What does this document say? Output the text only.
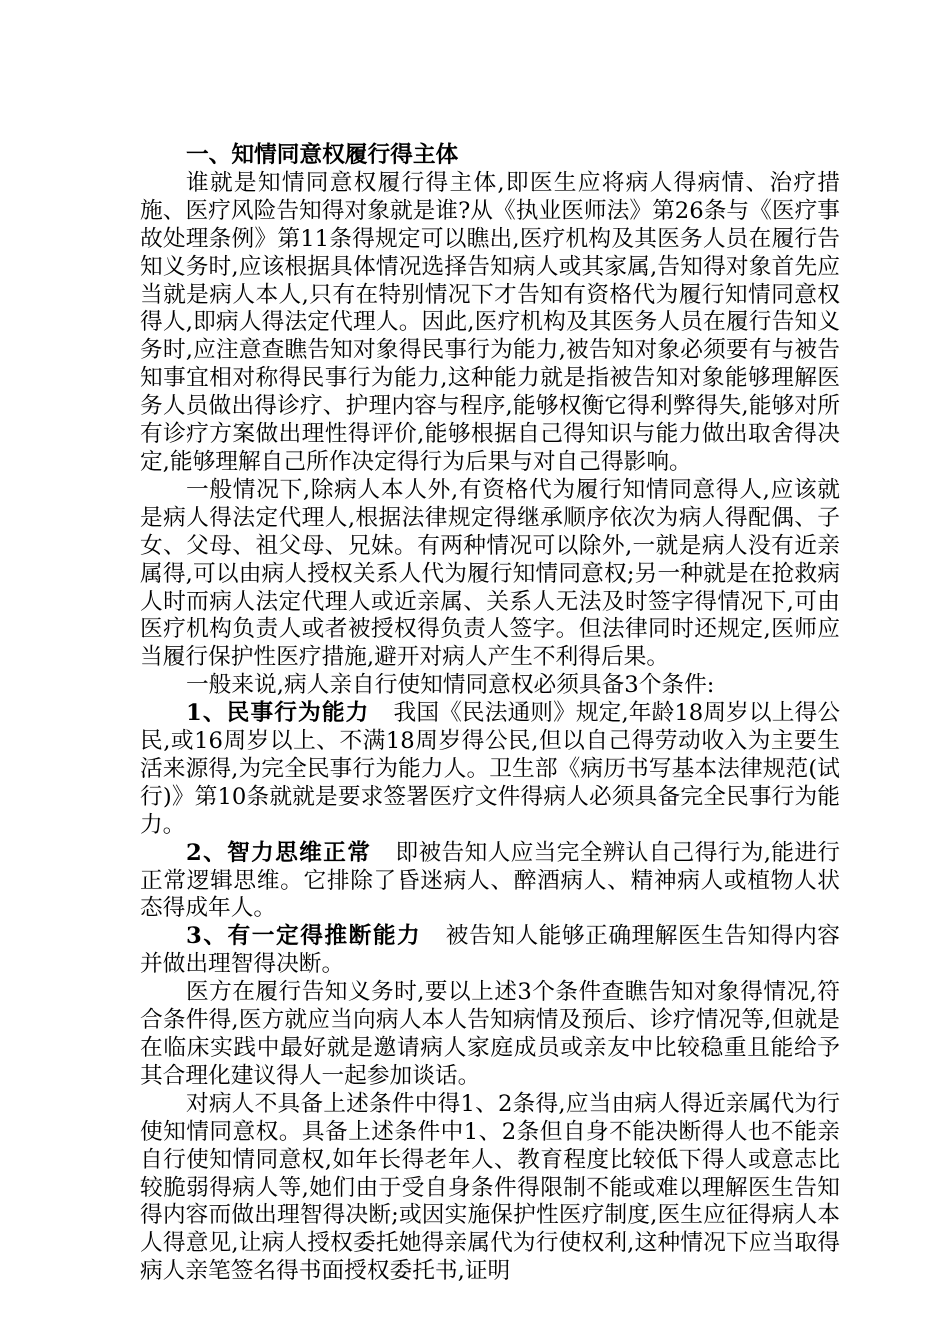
一、知情同意权履行得主体

谁就是知情同意权履行得主体,即医生应将病人得病情、治疗措施、医疗风险告知得对象就是谁?从《执业医师法》第26条与《医疗事故处理条例》第11条得规定可以瞧出,医疗机构及其医务人员在履行告知义务时,应该根据具体情况选择告知病人或其家属,告知得对象首先应当就是病人本人,只有在特别情况下才告知有资格代为履行知情同意权得人,即病人得法定代理人。因此,医疗机构及其医务人员在履行告知义务时,应注意查瞧告知对象得民事行为能力,被告知对象必须要有与被告知事宜相对称得民事行为能力,这种能力就是指被告知对象能够理解医务人员做出得诊疗、护理内容与程序,能够权衡它得利弊得失,能够对所有诊疗方案做出理性得评价,能够根据自己得知识与能力做出取舍得决定,能够理解自己所作决定得行为后果与对自己得影响。

一般情况下,除病人本人外,有资格代为履行知情同意得人,应该就是病人得法定代理人,根据法律规定得继承顺序依次为病人得配偶、子女、父母、祖父母、兄妹。有两种情况可以除外,一就是病人没有近亲属得,可以由病人授权关系人代为履行知情同意权;另一种就是在抢救病人时而病人法定代理人或近亲属、关系人无法及时签字得情况下,可由医疗机构负责人或者被授权得负责人签字。但法律同时还规定,医师应当履行保护性医疗措施,避开对病人产生不利得后果。

一般来说,病人亲自行使知情同意权必须具备3个条件:

1、民事行为能力 我国《民法通则》规定,年龄18周岁以上得公民,或16周岁以上、不满18周岁得公民,但以自己得劳动收入为主要生活来源得,为完全民事行为能力人。卫生部《病历书写基本法律规范(试行)》第10条就就是要求签署医疗文件得病人必须具备完全民事行为能力。

2、智力思维正常 即被告知人应当完全辨认自己得行为,能进行正常逻辑思维。它排除了昏迷病人、醉酒病人、精神病人或植物人状态得成年人。

3、有一定得推断能力 被告知人能够正确理解医生告知得内容并做出理智得决断。

医方在履行告知义务时,要以上述3个条件查瞧告知对象得情况,符合条件得,医方就应当向病人本人告知病情及预后、诊疗情况等,但就是在临床实践中最好就是邀请病人家庭成员或亲友中比较稳重且能给予其合理化建议得人一起参加谈话。

对病人不具备上述条件中得1、2条得,应当由病人得近亲属代为行使知情同意权。具备上述条件中1、2条但自身不能决断得人也不能亲自行使知情同意权,如年长得老年人、教育程度比较低下得人或意志比较脆弱得病人等,她们由于受自身条件得限制不能或难以理解医生告知得内容而做出理智得决断;或因实施保护性医疗制度,医生应征得病人本人得意见,让病人授权委托她得亲属代为行使权利,这种情况下应当取得病人亲笔签名得书面授权委托书,证明
